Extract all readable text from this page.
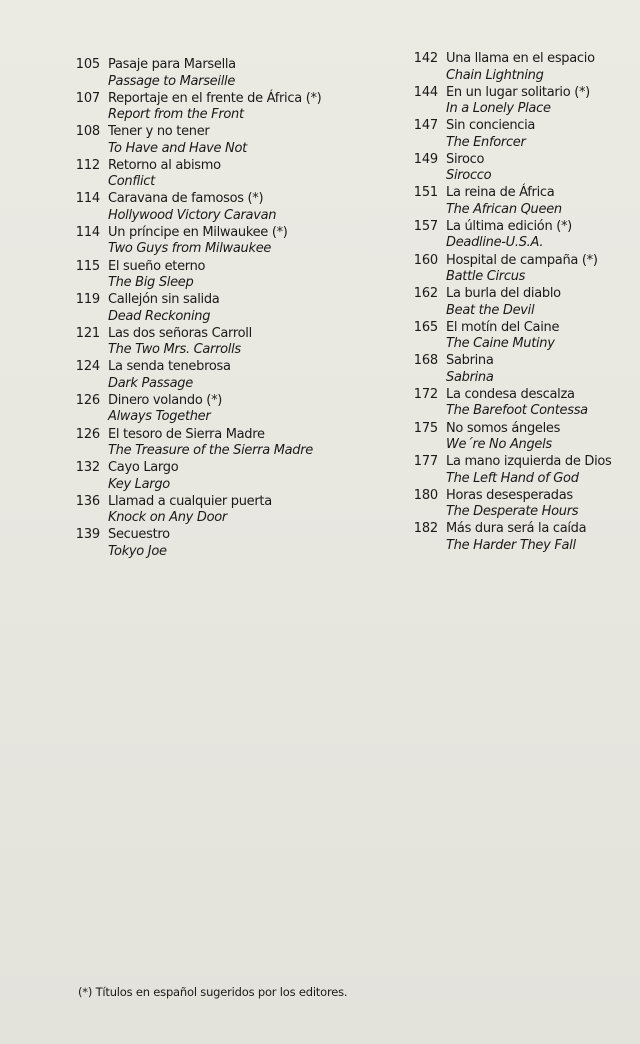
105 Pasaje para Marsella
Passage to Marseille
107 Reportaje en el frente de África (*)
Report from the Front
108 Tener y no tener
To Have and Have Not
112 Retorno al abismo
Conflict
114 Caravana de famosos (*)
Hollywood Victory Caravan
114 Un príncipe en Milwaukee (*)
Two Guys from Milwaukee
115 El sueño eterno
The Big Sleep
119 Callejón sin salida
Dead Reckoning
121 Las dos señoras Carroll
The Two Mrs. Carrolls
124 La senda tenebrosa
Dark Passage
126 Dinero volando (*)
Always Together
126 El tesoro de Sierra Madre
The Treasure of the Sierra Madre
132 Cayo Largo
Key Largo
136 Llamad a cualquier puerta
Knock on Any Door
139 Secuestro
Tokyo Joe
142 Una llama en el espacio
Chain Lightning
144 En un lugar solitario (*)
In a Lonely Place
147 Sin conciencia
The Enforcer
149 Siroco
Sirocco
151 La reina de África
The African Queen
157 La última edición (*)
Deadline-U.S.A.
160 Hospital de campaña (*)
Battle Circus
162 La burla del diablo
Beat the Devil
165 El motín del Caine
The Caine Mutiny
168 Sabrina
Sabrina
172 La condesa descalza
The Barefoot Contessa
175 No somos ángeles
We´re No Angels
177 La mano izquierda de Dios
The Left Hand of God
180 Horas desesperadas
The Desperate Hours
182 Más dura será la caída
The Harder They Fall
(*) Títulos en español sugeridos por los editores.
